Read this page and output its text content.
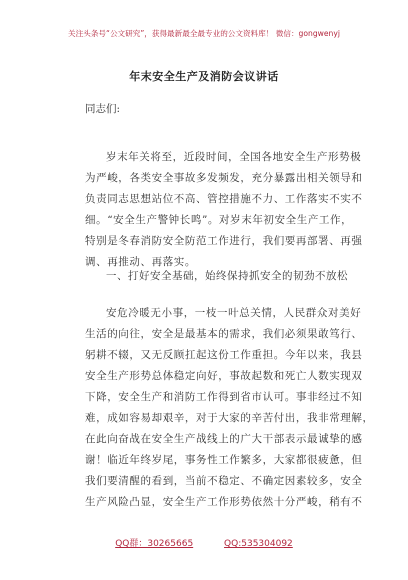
关注头条号“公文研究”，获得最新最全最专业的公文资料库！ 微信：gongwenyj
年末安全生产及消防会议讲话
同志们:
岁末年关将至，近段时间，全国各地安全生产形势极
为严峻，各类安全事故多发频发，充分暴露出相关领导和
负责同志思想站位不高、管控措施不力、工作落实不实不
细。“安全生产警钟长鸣”。对岁末年初安全生产工作，
特别是冬春消防安全防范工作进行，我们要再部署、再强
调、再推动、再落实。
一、打好安全基础，始终保持抓安全的韧劲不放松
安危冷暖无小事，一枝一叶总关情，人民群众对美好
生活的向往，安全是最基本的需求，我们必须果敢笃行、
躬耕不辍，又无反顾扛起这份工作重担。今年以来，我县
安全生产形势总体稳定向好，事故起数和死亡人数实现双
下降，安全生产和消防工作得到省市认可。事非经过不知
难，成如容易却艰辛，对于大家的辛苦付出，我非常理解，
在此向奋战在安全生产战线上的广大干部表示最诚挚的感
谢！临近年终岁尾，事务性工作繁多，大家都很疲惫，但
我们要清醒的看到，当前不稳定、不确定因素较多，安全
生产风险凸显，安全生产工作形势依然十分严峻，稍有不
QQ群：30265665	QQ:535304092
